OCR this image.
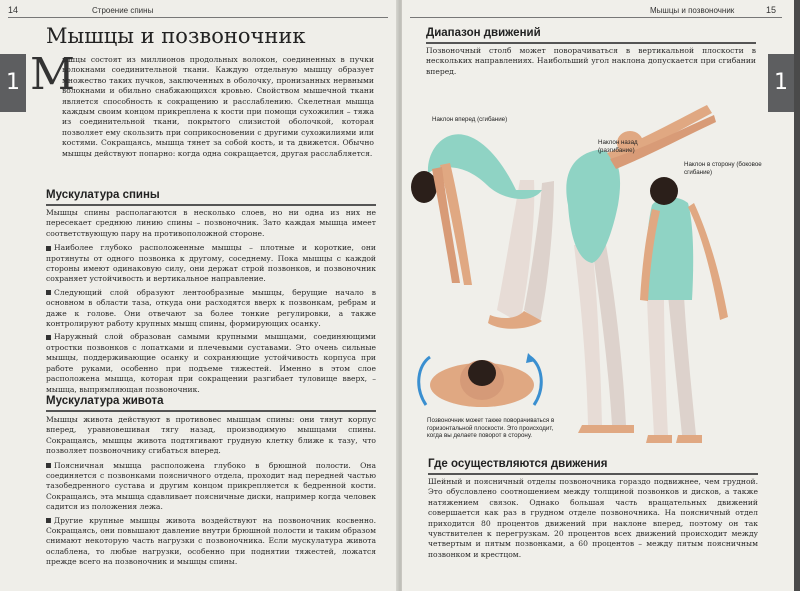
14	Строение спины
1
Мышцы и позвоночник
М

ышцы состоят из миллионов продольных волокон, соединенных в пучки волокнами соединительной ткани. Каждую отдельную мышцу образует множество таких пучков, заключенных в оболочку, пронизанных нервными волокнами и обильно снабжающихся кровью. Свойством мышечной ткани является способность к сокращению и расслаблению. Скелетная мышца каждым своим концом прикреплена к кости при помощи сухожилия – тяжа из соединительной ткани, покрытого слизистой оболочкой, которая позволяет ему скользить при соприкосновении с другими сухожилиями или костями. Сокращаясь, мышца тянет за собой кость, и та движется. Обычно мышцы действуют попарно: когда одна сокращается, другая расслабляется.

Мускулатура спины

Мышцы спины располагаются в несколько слоев, но ни одна из них не пересекает среднюю линию спины – позвоночник. Зато каждая мышца имеет соответствующую пару на противоположной стороне.

Наиболее глубоко расположенные мышцы – плотные и короткие, они протянуты от одного позвонка к другому, соседнему. Пока мышцы с каждой стороны имеют одинаковую силу, они держат строй позвонков, и позвоночник сохраняет устойчивость и вертикальное направление.

Следующий слой образуют лентообразные мышцы, берущие начало в основном в области таза, откуда они расходятся вверх к позвонкам, ребрам и даже к голове. Они отвечают за более тонкие регулировки, а также контролируют работу крупных мышц спины, формирующих осанку.

Наружный слой образован самыми крупными мышцами, соединяющими отростки позвонков с лопатками и плечевыми суставами. Это очень сильные мышцы, поддерживающие осанку и сохраняющие устойчивость корпуса при работе руками, особенно при подъеме тяжестей. Именно в этом слое расположена мышца, которая при сокращении разгибает туловище вверх, – мышца, выпрямляющая позвоночник.

Мускулатура живота

Мышцы живота действуют в противовес мышцам спины: они тянут корпус вперед, уравновешивая тягу назад, производимую мышцами спины. Сокращаясь, мышцы живота подтягивают грудную клетку ближе к тазу, что позволяет позвоночнику сгибаться вперед.

Поясничная мышца расположена глубоко в брюшной полости. Она соединяется с позвонками поясничного отдела, проходит над передней частью тазобедренного сустава и другим концом прикрепляется к бедренной кости. Сокращаясь, эта мышца сдавливает поясничные диски, например когда человек садится из положения лежа.

Другие крупные мышцы живота воздействуют на позвоночник косвенно. Сокращаясь, они повышают давление внутри брюшной полости и таким образом снимают некоторую часть нагрузки с позвоночника. Если мускулатура живота ослаблена, то любые нагрузки, особенно при поднятии тяжестей, ложатся прежде всего на позвоночник и мышцы спины.

Мышцы и позвоночник	15
1
Диапазон движений

Позвоночный столб может поворачиваться в вертикальной плоскости в нескольких направлениях. Наибольший угол наклона допускается при сгибании вперед.

Наклон вперед (сгибание)
Наклон назад (разгибание)
Наклон в сторону (боковое сгибание)
Позвоночник может также поворачиваться в горизонтальной плоскости. Это происходит, когда вы делаете поворот в сторону.
Где осуществляются движения

Шейный и поясничный отделы позвоночника гораздо подвижнее, чем грудной. Это обусловлено соотношением между толщиной позвонков и дисков, а также натяжением связок. Однако большая часть вращательных движений совершается как раз в грудном отделе позвоночника. На поясничный отдел приходится 80 процентов движений при наклоне вперед, поэтому он так чувствителен к перегрузкам. 20 процентов всех движений происходит между четвертым и пятым позвонками, а 60 процентов – между пятым поясничным позвонком и крестцом.
